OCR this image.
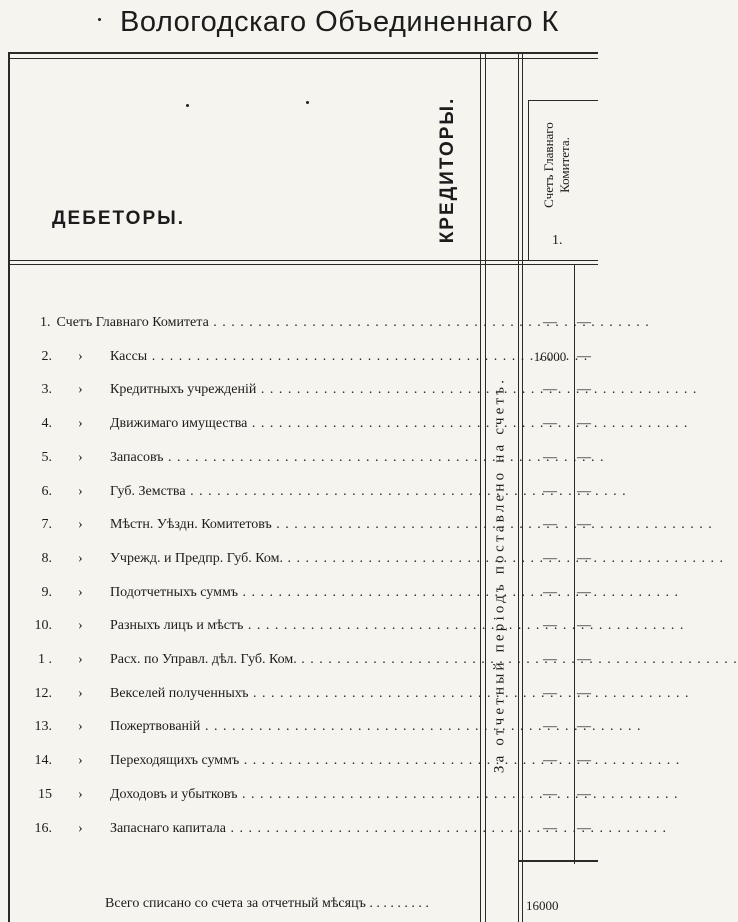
Вологодскаго Объединеннаго К
ДЕБЕТОРЫ.	КРЕДИТОРЫ.	Счетъ Главнаго
Комитета.
1.
За отчетный періодъ поставлено на счетъ.
1. Счетъ Главнаго Комитета . . .	—	—
2. › Кассы . . .	16000 —
3. › Кредитныхъ учрежденій . . .	—	—
4. › Движимаго имущества . . .	—	—
5. › Запасовъ . . .	—	—
6. › Губ. Земства . . .	—	—
7. › Мѣстн. Уѣздн. Комитетовъ . . .	—	—
8. › Учрежд. и Предпр. Губ. Ком. . . .	—	—
9. › Подотчетныхъ суммъ . . .	—	—
10. › Разныхъ лицъ и мѣстъ . . .	—	—
1 . › Расх. по Управл. дѣл. Губ. Ком. . . .	—	—
12. › Векселей полученныхъ . . .	—	—
13. › Пожертвованій . . .	—	—
14. › Переходящихъ суммъ . . .	—	—
15 › Доходовъ и убытковъ . . .	—	—
16. › Запаснаго капитала . . .	—	—
Всего списано со счета за отчетный мѣсяцъ . . . . . . . . .	16000
